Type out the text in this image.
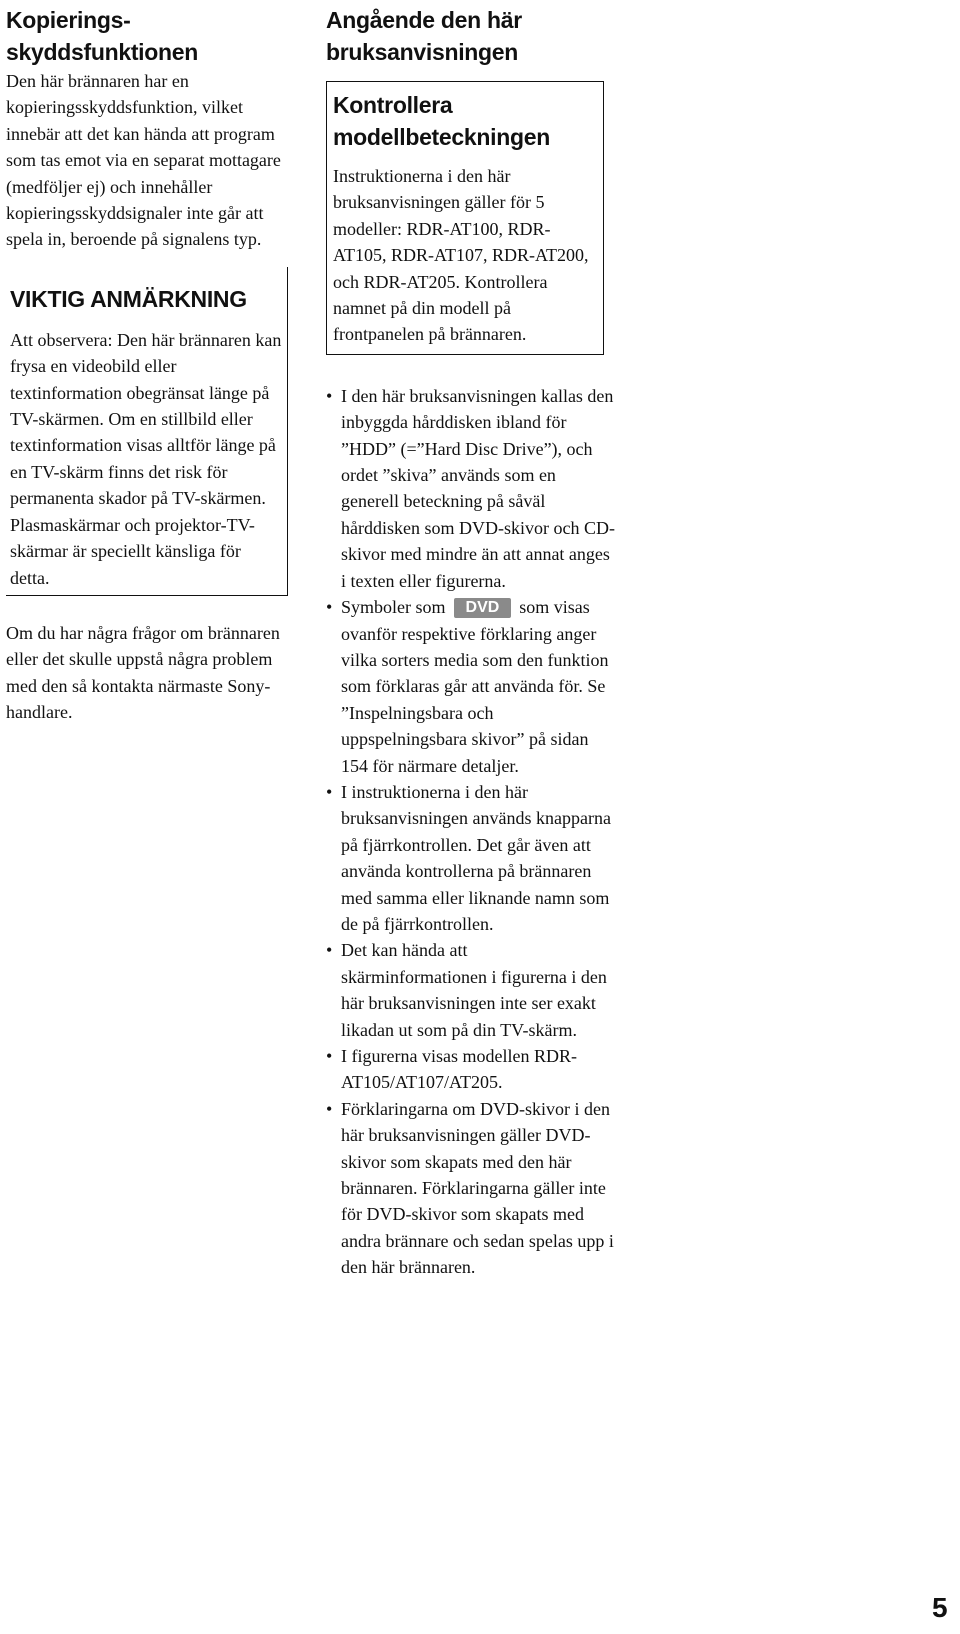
Kopierings-
skyddsfunktionen

Den här brännaren har en kopieringsskyddsfunktion, vilket innebär att det kan hända att program som tas emot via en separat mottagare (medföljer ej) och innehåller kopieringsskyddsignaler inte går att spela in, beroende på signalens typ.

VIKTIG ANMÄRKNING

Att observera: Den här brännaren kan frysa en videobild eller textinformation obegränsat länge på TV-skärmen. Om en stillbild eller textinformation visas alltför länge på en TV-skärm finns det risk för permanenta skador på TV-skärmen. Plasmaskärmar och projektor-TV-skärmar är speciellt känsliga för detta.

Om du har några frågor om brännaren eller det skulle uppstå några problem med den så kontakta närmaste Sony-handlare.

Angående den här bruksanvisningen
Kontrollera modellbeteckningen

Instruktionerna i den här bruksanvisningen gäller för 5 modeller: RDR-AT100, RDR-AT105, RDR-AT107, RDR-AT200, och RDR-AT205. Kontrollera namnet på din modell på frontpanelen på brännaren.

• I den här bruksanvisningen kallas den inbyggda hårddisken ibland för ”HDD” (=”Hard Disc Drive”), och ordet ”skiva” används som en generell beteckning på såväl hårddisken som DVD-skivor och CD-skivor med mindre än att annat anges i texten eller figurerna.
• Symboler som DVD som visas ovanför respektive förklaring anger vilka sorters media som den funktion som förklaras går att använda för. Se ”Inspelningsbara och uppspelningsbara skivor” på sidan 154 för närmare detaljer.
• I instruktionerna i den här bruksanvisningen används knapparna på fjärrkontrollen. Det går även att använda kontrollerna på brännaren med samma eller liknande namn som de på fjärrkontrollen.
• Det kan hända att skärminformationen i figurerna i den här bruksanvisningen inte ser exakt likadan ut som på din TV-skärm.
• I figurerna visas modellen RDR-AT105/AT107/AT205.
• Förklaringarna om DVD-skivor i den här bruksanvisningen gäller DVD-skivor som skapats med den här brännaren. Förklaringarna gäller inte för DVD-skivor som skapats med andra brännare och sedan spelas upp i den här brännaren.
5
